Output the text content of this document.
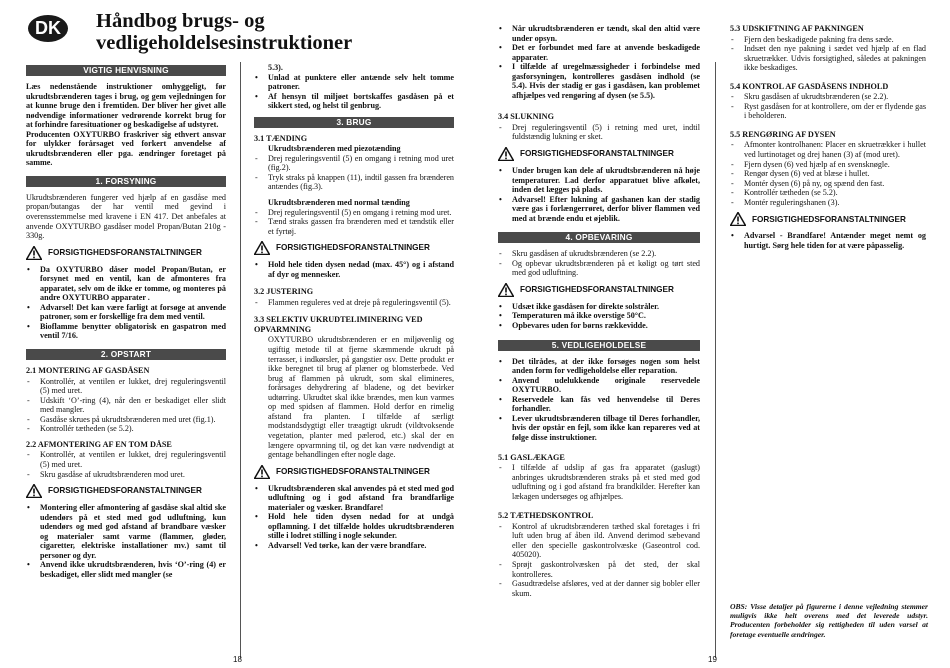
DK	Håndbog brugs- og vedligeholdelsesinstruktioner
VIGTIG HENVISNING
Læs nedenstående instruktioner omhyggeligt, før ukrudtsbrænderen tages i brug, og gem vejledningen for at kunne bruge den i fremtiden. Der bliver her givet alle nødvendige informationer vedrørende korrekt brug for at forhindre faresituationer og beskadigelse af udstyret.
Producenten OXYTURBO fraskriver sig ethvert ansvar for ulykker forårsaget ved forkert anvendelse af ukrudtsbrænderen eller pga. ændringer foretaget på samme.
1. FORSYNING
Ukrudtsbrænderen fungerer ved hjælp af en gasdåse med propan/butangas der har ventil med gevind i overensstemmelse med kravene i EN 417. Det anbefales at anvende OXYTURBO gasdåser model Propan/Butan 210g - 330g.
FORSIGTIGHEDSFORANSTALTNINGER
• Da OXYTURBO dåser model Propan/Butan, er forsynet med en ventil, kan de afmonteres fra apparatet, selv om de ikke er tomme, og monteres på andre OXYTURBO apparater .
• Advarsel! Det kan være farligt at forsøge at anvende patroner, som er forskellige fra dem med ventil.
• Bioflamme benytter obligatorisk en gaspatron med ventil 7/16.
2. OPSTART
2.1 MONTERING AF GASDÅSEN
- Kontrollér, at ventilen er lukket, drej reguleringsventil (5) med uret.
- Udskift ‘O’-ring (4), når den er beskadiget eller slidt med mangler.
- Gasdåse skrues på ukrudtsbrænderen med uret (fig.1).
- Kontrollér tætheden (se 5.2).
2.2 AFMONTERING AF EN TOM DÅSE
- Kontrollér, at ventilen er lukket, drej reguleringsventil (5) med uret.
- Skru gasdåse af ukrudtsbrænderen mod uret.
FORSIGTIGHEDSFORANSTALTNINGER
• Montering eller afmontering af gasdåse skal altid ske udendørs på et sted med god udluftning, kun udendørs og med god afstand af brandbare væsker og materialer samt varme (flammer, gløder, cigaretter, elektriske installationer mv.) samt til personer og dyr.
• Anvend ikke ukrudtsbrænderen, hvis ‘O’-ring (4) er beskadiget, eller slidt med mangler (se
5.3).
• Unlad at punktere eller antænde selv helt tomme patroner.
• Af hensyn til miljøet bortskaffes gasdåsen på et sikkert sted, og helst til genbrug.
3. BRUG
3.1 TÆNDING
Ukrudtsbrænderen med piezotænding
- Drej reguleringsventil (5) en omgang i retning mod uret (fig.2).
- Tryk straks på knappen (11), indtil gassen fra brænderen antændes (fig.3).
Ukrudtsbrænderen med normal tænding
- Drej reguleringsventil (5) en omgang i retning mod uret.
- Tænd straks gassen fra brænderen med et tændstik eller et fyrtøj.
FORSIGTIGHEDSFORANSTALTNINGER
• Hold hele tiden dysen nedad (max. 45°) og i afstand af dyr og mennesker.
3.2 JUSTERING
- Flammen reguleres ved at dreje på reguleringsventil (5).
3.3 SELEKTIV UKRUDTELIMINERING VED OPVARMNING
OXYTURBO ukrudtsbrænderen er en miljøvenlig og ugiftig metode til at fjerne skæmmende ukrudt på terrasser, i indkørsler, på gangstier osv. Dette produkt er ikke beregnet til brug af plæner og blomsterbede. Ved brug af flammen på ukrudt, som skal elimineres, forårsages dehydrering af bladene, og det bevirker udtørring. Ukrudtet skal ikke brændes, men kun varmes op med spidsen af flammen. Hold derfor en rimelig afstand fra planten. I tilfælde af særligt modstandsdygtigt eller træagtigt ukrudt (vildtvoksende vegetation, planter med pælerod, etc.) skal der en længere opvarmning til, og det kan være nødvendigt at gentage behandlingen efter nogle dage.
FORSIGTIGHEDSFORANSTALTNINGER
• Ukrudtsbrænderen skal anvendes på et sted med god udluftning og i god afstand fra brandfarlige materialer og væsker. Brandfare!
• Hold hele tiden dysen nedad for at undgå opflamning. I det tilfælde holdes ukrudtsbrænderen stille i lodret stilling i nogle sekunder.
• Advarsel! Ved tørke, kan der være brandfare.
• Når ukrudtsbrænderen er tændt, skal den altid være under opsyn.
• Det er forbundet med fare at anvende beskadigede apparater.
• I tilfælde af uregelmæssigheder i forbindelse med gasforsyningen, kontrolleres gasdåsen indhold (se 5.4). Hvis der stadig er gas i gasdåsen, kan problemet afhjælpes ved rengøring af dysen (se 5.5).
3.4 SLUKNING
- Drej reguleringsventil (5) i retning med uret, indtil fuldstændig lukning er sket.
FORSIGTIGHEDSFORANSTALTNINGER
• Under brugen kan dele af ukrudtsbrænderen nå høje temperaturer. Lad derfor apparatuet blive afkølet, inden det lægges på plads.
• Advarsel! Efter lukning af gashanen kan der stadig være gas i forlængerrøret, derfor bliver flammen ved med at brænde endu et øjeblik.
4. OPBEVARING
- Skru gasdåsen af ukrudtsbrænderen (se 2.2).
- Og opbevar ukrudtsbrænderen på et køligt og tørt sted med god udluftning.
FORSIGTIGHEDSFORANSTALTNINGER
• Udsæt ikke gasdåsen for direkte solstråler.
• Temperaturen må ikke overstige 50°C.
• Opbevares uden for børns rækkevidde.
5. VEDLIGEHOLDELSE
• Det tilrådes, at der ikke forsøges nogen som helst anden form for vedligeholdelse eller reparation.
• Anvend udelukkende originale reservedele OXYTURBO.
• Reservedele kan fås ved henvendelse til Deres forhandler.
• Lever ukrudtsbrænderen tilbage til Deres forhandler, hvis der opstår en fejl, som ikke kan repareres ved at følge disse instruktioner.
5.1 GASLÆKAGE
- I tilfælde af udslip af gas fra apparatet (gaslugt) anbringes ukrudtsbrænderen straks på et sted med god udluftning og i god afstand fra brandkilder. Herefter kan lækagen undersøges og afhjælpes.
5.2 TÆTHEDSKONTROL
- Kontrol af ukrudtsbrænderen tæthed skal foretages i fri luft uden brug af åben ild. Anvend derimod sæbevand eller den specielle gaskontrolvæske (Gaseontrol cod. 405020).
- Sprøjt gaskontrolvæsken på det sted, der skal kontrolleres.
- Gasudtrædelse afsløres, ved at der danner sig bobler eller skum.
5.3 UDSKIFTNING AF PAKNINGEN
- Fjern den beskadigede pakning fra dens sæde.
- Indsæt den nye pakning i sædet ved hjælp af en flad skruetrækker. Udvis forsigtighed, således at pakningen ikke beskadiges.
5.4 KONTROL AF GASDÅSENS INDHOLD
- Skru gasdåsen af ukrudtsbrænderen (se 2.2).
- Ryst gasdåsen for at kontrollere, om der er flydende gas i beholderen.
5.5 RENGØRING AF DYSEN
- Afmonter kontrolhanen: Placer en skruetrækker i hullet ved lurtinotaget og drej hanen (3) af (mod uret).
- Fjern dysen (6) ved hjælp af en svensknøgle.
- Rengør dysen (6) ved at blæse i hullet.
- Montér dysen (6) på ny, og spænd den fast.
- Kontrollér tætheden (se 5.2).
- Montér reguleringshanen (3).
FORSIGTIGHEDSFORANSTALTNINGER
• Advarsel - Brandfare! Antænder meget nemt og hurtigt. Sørg hele tiden for at være påpasselig.
OBS: Visse detaljer på figurerne i denne vejledning stemmer muligvis ikke helt overens med det leverede udstyr. Producenten forbeholder sig rettigheden til uden varsel at foretage eventuelle ændringer.
18	19
